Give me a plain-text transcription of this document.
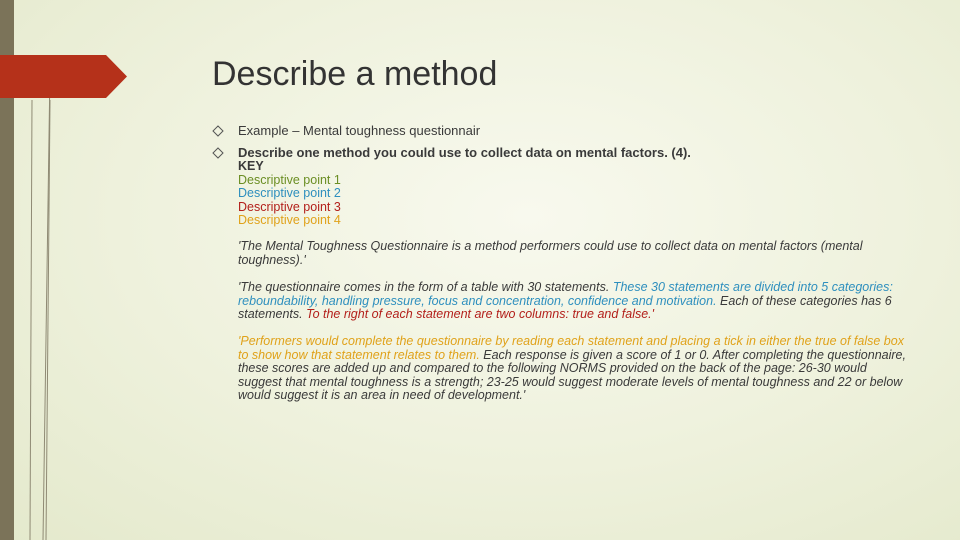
Describe a method
Example – Mental toughness questionnair
Describe one method you could use to collect data on mental factors. (4).
KEY
Descriptive point 1
Descriptive point 2
Descriptive point 3
Descriptive point 4
'The Mental Toughness Questionnaire is a method performers could use to collect data on mental factors (mental toughness).'
'The questionnaire comes in the form of a table with 30 statements. These 30 statements are divided into 5 categories: reboundability, handling pressure, focus and concentration, confidence and motivation. Each of these categories has 6 statements. To the right of each statement are two columns: true and false.'
'Performers would complete the questionnaire by reading each statement and placing a tick in either the true of false box to show how that statement relates to them. Each response is given a score of 1 or 0. After completing the questionnaire, these scores are added up and compared to the following NORMS provided on the back of the page: 26-30 would suggest that mental toughness is a strength; 23-25 would suggest moderate levels of mental toughness and 22 or below would suggest it is an area in need of development.'
